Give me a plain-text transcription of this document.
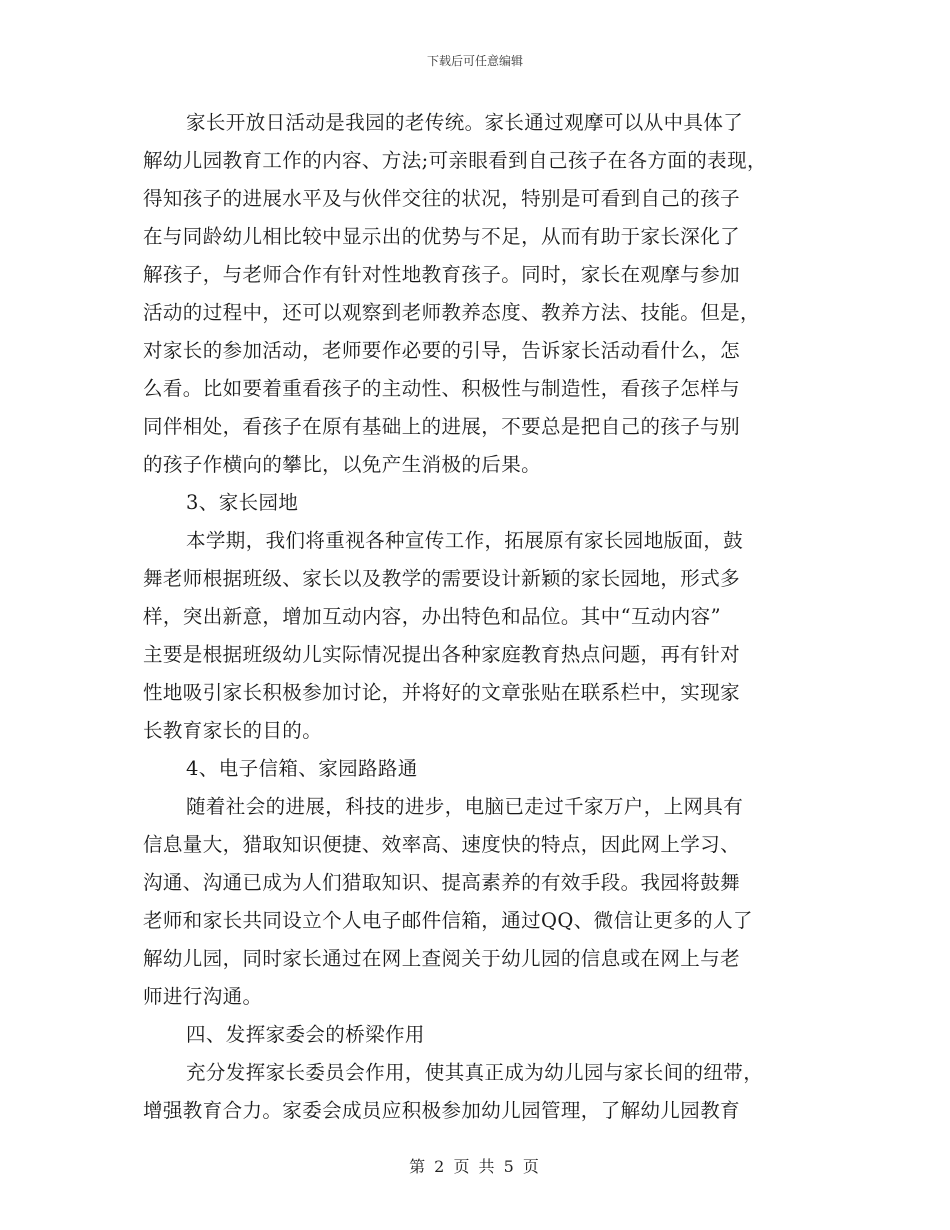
下载后可任意编辑
家长开放日活动是我园的老传统。家长通过观摩可以从中具体了
解幼儿园教育工作的内容、方法;可亲眼看到自己孩子在各方面的表现，
得知孩子的进展水平及与伙伴交往的状况，特别是可看到自己的孩子
在与同龄幼儿相比较中显示出的优势与不足，从而有助于家长深化了
解孩子，与老师合作有针对性地教育孩子。同时，家长在观摩与参加
活动的过程中，还可以观察到老师教养态度、教养方法、技能。但是，
对家长的参加活动，老师要作必要的引导，告诉家长活动看什么，怎
么看。比如要着重看孩子的主动性、积极性与制造性，看孩子怎样与
同伴相处，看孩子在原有基础上的进展，不要总是把自己的孩子与别
的孩子作横向的攀比，以免产生消极的后果。
3、家长园地
本学期，我们将重视各种宣传工作，拓展原有家长园地版面，鼓
舞老师根据班级、家长以及教学的需要设计新颖的家长园地，形式多
样，突出新意，增加互动内容，办出特色和品位。其中“互动内容”
主要是根据班级幼儿实际情况提出各种家庭教育热点问题，再有针对
性地吸引家长积极参加讨论，并将好的文章张贴在联系栏中，实现家
长教育家长的目的。
4、电子信箱、家园路路通
随着社会的进展，科技的进步，电脑已走过千家万户，上网具有
信息量大，猎取知识便捷、效率高、速度快的特点，因此网上学习、
沟通、沟通已成为人们猎取知识、提高素养的有效手段。我园将鼓舞
老师和家长共同设立个人电子邮件信箱，通过QQ、微信让更多的人了
解幼儿园，同时家长通过在网上查阅关于幼儿园的信息或在网上与老
师进行沟通。
四、发挥家委会的桥梁作用
充分发挥家长委员会作用，使其真正成为幼儿园与家长间的纽带，
增强教育合力。家委会成员应积极参加幼儿园管理，了解幼儿园教育
第 2 页 共 5 页
